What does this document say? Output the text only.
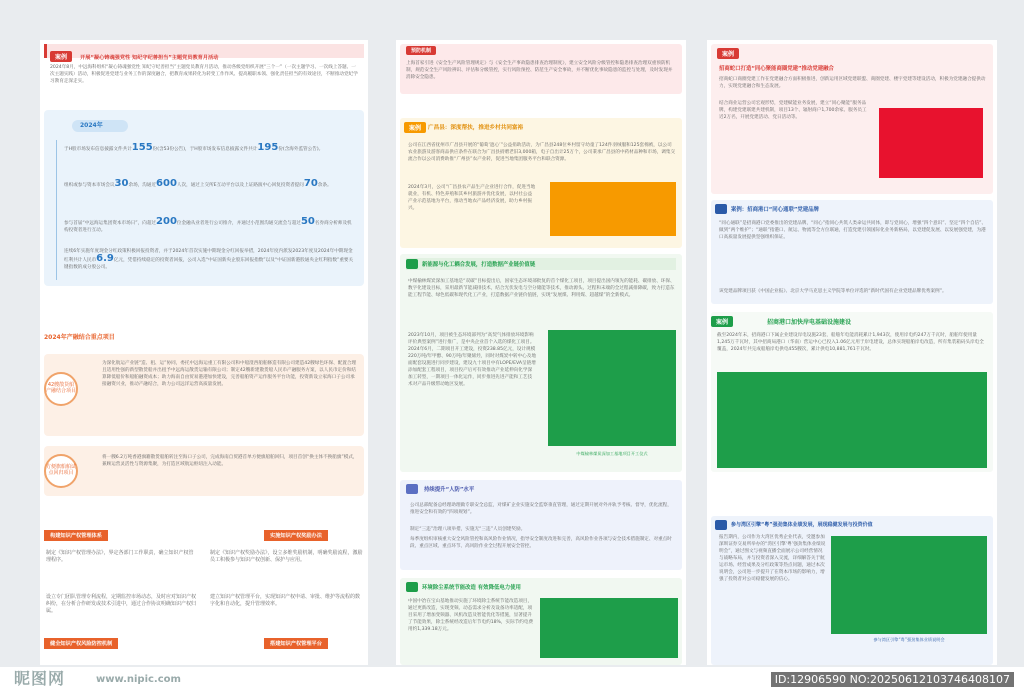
案例	开展“凝心铸魂强党性 知纪守纪善担当”主题党员教育月活动
2024年8月，中远海科组织“凝心铸魂强党性 知纪守纪善担当”主题党员教育月活动，推动各级党组织开展“三个一”（一次主题学习、一次线上答题、一次主题实践）活动，积极促进党建与业务工作的深度融合，把教育成果转化为转变工作作风、提高履职本领、强化责任担当的有效途径，不断推动党纪学习教育走深走实。
2024年
于H股市场发布信息披露文件共计155份(含53份公告)，于H股市场发布信息披露文件共计195份(含海外监管公告)。
组织或参与资本市场会议30余场，沟通近600人次，通过上交所E互动平台以及上证路演中心回复投资者提问70余条。
参与首届“中远海运集团资本市场日”，向超过200位金融从业者进行公司推介，并通过小范围沟通交流会与超过50名券商分析师及机构投资者进行互动。
连续6年实施年度现金分红政策积极回报投资者，并于2024年首次实施中期现金分红回报举措，2024年度内派发2023年度及2024年中期现金红利共计人民币6.9亿元，凭借持续稳定的投资者回报，公司入选“中证国新央企股东回报指数”以及“中证国新港股通央企红利指数”重要关键指数的成分股公司。
2024年产融结合重点项目
42艘散货船产融结合项目
为深化航运产业链“造、租、运”协同，委托中远海运重工有限公司和中船澄西船舶修造有限公司建造42艘绿色环保、配置合理且适用性强的新型散货船并出租予中远海运散货运输有限公司；制定42艘新建散货船人民币产融服务方案，以人民币定价和结算降低船价和船舶融资成本；助力海南自由贸易港港加快建设，完善船舶资产运作服务平台功能，投资新设立家海口子公司承接融资兴业，推动产融结合，助力公司远洋运营高质量发展。
方便旗船舶试点回归项目
将一艘6.2万吨香港旗籍散货船舶转注至海口子公司，完成海南自贸港首单方便旗船舶回归，项目首创“换主体不换船旗”模式，兼顾运营灵活性与资源集聚，为打造区域航运枢纽注入动能。
构建知识产权管理体系	实施知识产权奖励办法
制定《知识产权管理办法》，界定各部门工作职责，确立知识产权管理程序。
制定《知识产权奖励办法》，设立多维奖励机制，明确奖励流程，激励员工积极参与知识产权创新、保护与应用。
设立专门团队管理专利流程，定期监控市场动态，及时应对知识产权纠纷，在分析合作研发或技术引进中，通过合作协议明确知识产权归属。
建立知识产权管理平台，实现知识产权申请、审批、维护等流程的数字化和自动化，提升管理效率。
健全知识产权风险防控机制	搭建知识产权管理平台
预防机制
上海首家引进《安全生产风险管理规定》与《安全生产事故隐患排查治理制度》，建立安全风险分级管控和隐患排查治理双重预防机制，规范安全生产风险辨识、评估和分级管控，实行风险预控、防范生产安全事故，并不断优化事故隐患的监控与处理，及时发现并消除安全隐患。
案例	广昌县：深度帮扶，推进乡村共同富裕
公司在江西省抚州市广昌县开展的“葡萄‘遮心’”公益捐助活动，为广昌县248位乡村留守幼童了124件羽绒服和125套棉被，以公司农业旅游及游客商品供应条件在联合为广昌县捐赠老旧3,000箱，电子自出计25万个，公司秉承广昌县的中药材品种和市场，调集交流合作以公司消费助推“广州县”农产业转，促进当地集团服务平台和联合资源。
2024年3月，公司“广昌县农产品生产企业进行合作，促进当地就业，有机、特色养殖和其乡村旅游并优化发展，以村社公益产业示范基地为平台，推动当地农产品经济发展，助力乡村振兴。
新能源与化工耦合发展，打造数据产业链价值链
中煤榆林煤炭深加工基地是“双碳”目标提出后，国家生态环境部批复的首个煤化工项目，项目提出国内领先的能耗、碳排放、环保、数字化建设目标，采用最新节能减排技术，结合光伏发电与空分储能等技术，推动源头、过程和末端的全过程减排降碳，致力打造东能工程节能、绿色低碳和现代化工产业，打造数据产业链价值链，实现“发展煤、利用煤、超越煤”的全新模式。
2023年10月，项目被生态环境部列为“高契气体排放环境影响评价典型案例”进行推广，是中央企业首个入选的煤化工项目。2024年6月，二期项目开工建设，投资238.85亿元，设计规模220万吨/年甲醇、90万吨/年聚烯烃，同时对煤炭中转中心及地面配套设施进行同步建设，建设九十项目中有LOPE/EVA呈链增添加配套工程项目，项目投产后可有效推动产业延伸向化学深加工转型，一期项目一体化运作，同步推进先进产能和工艺技术对产品升级带动地区发展。
中煤榆林煤炭深加工基地项目开工仪式
持续提升“人防”水平
公司总部配备总经理助理做专职安全总监，对煤矿企业实施安全监察垂直管理，通过定期开展对外并轨予考核、督导，优化流程，推进安全和有效的“四项规划”。
制定“三违”治理八项举措，实施无“三违”人员创建奖励。
每季度组织审核重大安全风险管控和高风险作业情况，指导安全制度改进和完善，高风险作业各项与安全技术措施制定、对重点时段、重点区域、重点环节、高风险作业全过程开展安全管控。
环境除尘系统节能改造 有效降低电力使用
中国中冶在宝山基地推动实施了环境除尘系统节能改造项目，通过更新改造，实现变频、动态需求分析及设备功率适配，项目采用了增加变频器、风机改造及智能优化等措施，显著提升了节能效果，除尘系统经改造后年节电约18%，实际节约电费用约1,339.18万元。
案例
招商蛇口打造“同心聚能商圈党建”推动党建融合
招商蛇口商圈党建工作在党建融合方面积极推进，创新运用区域党建联盟、商圈党建、楼宇党建等建设活动，积极为党建融合提供动力，实现党建融合和生态发展。
结合商业运营公司宏观形势，党建赋能业务发展，建立“同心聚能”服务品牌，构建党建联建共建机制，项目13个、辐射商户1,700余家、服务员工近2万名，开展党建活动、党日活动等。
案例：招商港口“同心通联”党建品牌
“同心通联”是招商港口党委推出的党建品牌，“同心”指同心共筑人类命运共同体，即与党同心，增强“四个意识”、坚定“四个自信”、做到“两个维护”；“通联”指港口、航运、物流等全方位联通，打造党建引领国际化业务新格局，以党建促发展、以发展强党建，为港口高质量发展提供坚强组织保证。
该党建品牌项目获《中国企业报》、北京大学马克思主义学院等单位评选的“新时代国有企业党建品牌优秀案例”。
案例	招商港口加快岸电基础设施建设
截至2024年末，招商港口下属企业建设岸电设施23套，船舶年电能消耗累计1,943次，使用岸电约247万千瓦时，船舶年使用量1,245万千瓦时，其中招商局港口（华南）营运中心已投入1.06亿元用于岸电建设，总体实现船舶岸电改造，所有集装箱码头岸电全覆盖，2024年共完成船舶岸电供电455艘次，累计供电10,881,761千瓦时。
参与湾区引擎“粤”强劲集体业绩发展，展现稳健发展与投资价值
报告期内，公司作为大湾区优秀企业代表，受邀参加深圳证券交易所举办的“湾区引擎‘粤’强劲集体业绩说明会”，通过图文与视频直播全面展示公司经营情况与战略布局，并与投资者深入交流，详细解答关于航运市场、经营成果及分红政策等热点问题，通过本次说明会，公司进一步提升了在资本市场的影响力，增强了投资者对公司稳健发展的信心。
参与湾区引擎“粤”强劲集体业绩说明会
昵图网	www.nipic.com	ID:12906590 NO:20250612103746408107
